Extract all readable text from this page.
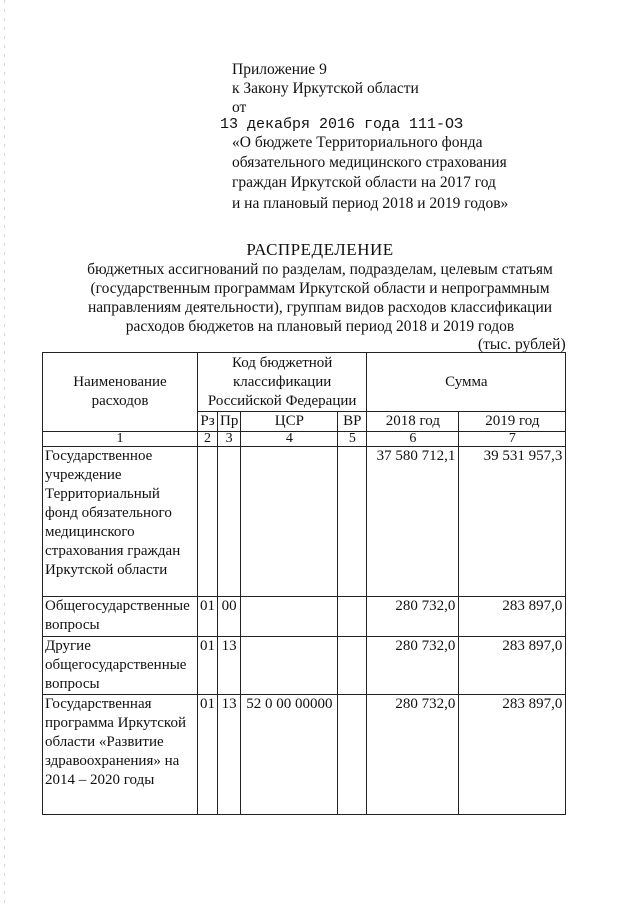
Приложение 9
к Закону Иркутской области
от
13 декабря 2016 года 111-ОЗ
«О бюджете Территориального фонда
обязательного медицинского страхования
граждан Иркутской области на 2017 год
и на плановый период 2018 и 2019 годов»
РАСПРЕДЕЛЕНИЕ
бюджетных ассигнований по разделам, подразделам, целевым статьям
(государственным программам Иркутской области и непрограммным
направлениям деятельности), группам видов расходов классификации
расходов бюджетов на плановый период 2018 и 2019 годов
(тыс. рублей)
Наименование расходов	Код бюджетной классификации Российской Федерации				Сумма	
	Рз	Пр	ЦСР	ВР	2018 год	2019 год
1	2	3	4	5	6	7
Государственное учреждение Территориальный фонд обязательного медицинского страхования граждан Иркутской области					37 580 712,1	39 531 957,3
Общегосударственные вопросы	01	00			280 732,0	283 897,0
Другие общегосударственные вопросы	01	13			280 732,0	283 897,0
Государственная программа Иркутской области «Развитие здравоохранения» на 2014 – 2020 годы	01	13	52 0 00 00000		280 732,0	283 897,0
